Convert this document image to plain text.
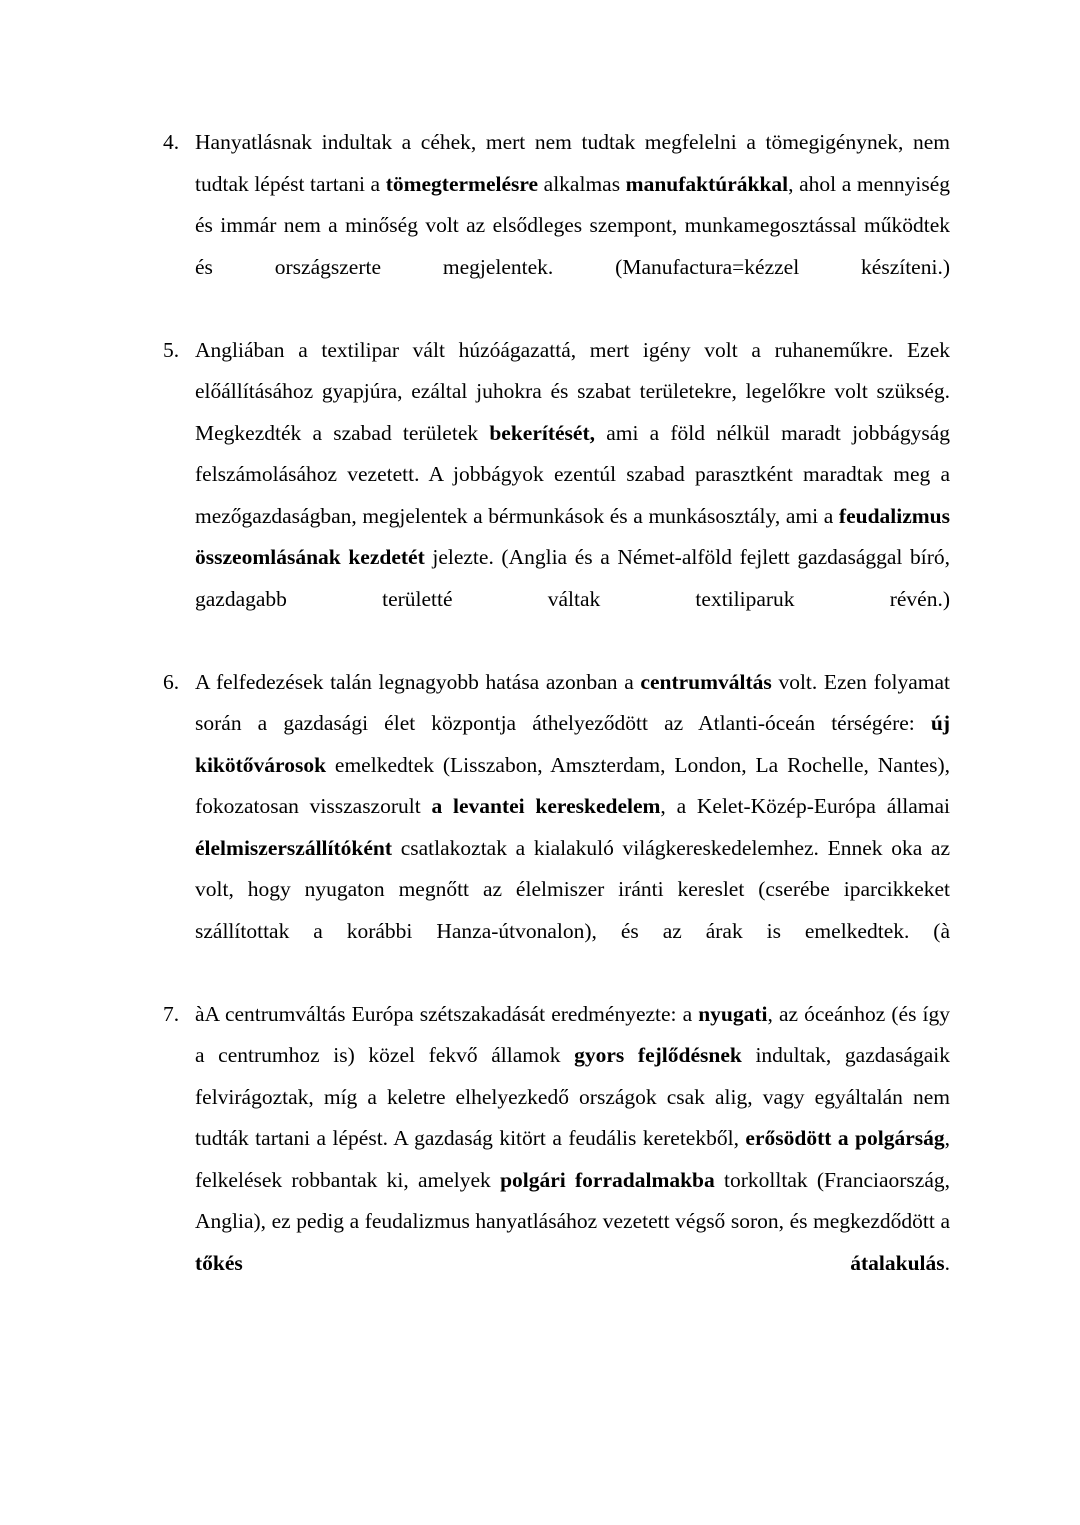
4. Hanyatlásnak indultak a céhek, mert nem tudtak megfelelni a tömegigénynek, nem tudtak lépést tartani a tömegtermelésre alkalmas manufaktúrákkal, ahol a mennyiség és immár nem a minőség volt az elsődleges szempont, munkamegosztással működtek és országszerte megjelentek. (Manufactura=kézzel készíteni.)
5. Angliában a textilipar vált húzóágazattá, mert igény volt a ruhaneműkre. Ezek előállításához gyapjúra, ezáltal juhokra és szabat területekre, legelőkre volt szükség. Megkezdték a szabad területek bekerítését, ami a föld nélkül maradt jobbágyság felszámolásához vezetett. A jobbágyok ezentúl szabad parasztként maradtak meg a mezőgazdaságban, megjelentek a bérmunkások és a munkásosztály, ami a feudalizmus összeomlásának kezdetét jelezte. (Anglia és a Német-alföld fejlett gazdasággal bíró, gazdagabb területté váltak textiliparuk révén.)
6. A felfedezések talán legnagyobb hatása azonban a centrumváltás volt. Ezen folyamat során a gazdasági élet központja áthelyeződött az Atlanti-óceán térségére: új kikötővárosok emelkedtek (Lisszabon, Amszterdam, London, La Rochelle, Nantes), fokozatosan visszaszorult a levantei kereskedelem, a Kelet-Közép-Európa államai élelmiszerszállítóként csatlakoztak a kialakuló világkereskedelemhez. Ennek oka az volt, hogy nyugaton megnőtt az élelmiszer iránti kereslet (cserébe iparcikkeket szállítottak a korábbi Hanza-útvonalon), és az árak is emelkedtek. (à
7. àA centrumváltás Európa szétszakadását eredményezte: a nyugati, az óceánhoz (és így a centrumhoz is) közel fekvő államok gyors fejlődésnek indultak, gazdaságaik felvirágoztak, míg a keletre elhelyezkedő országok csak alig, vagy egyáltalán nem tudták tartani a lépést. A gazdaság kitört a feudális keretekből, erősödött a polgárság, felkelések robbantak ki, amelyek polgári forradalmakba torkolltak (Franciaország, Anglia), ez pedig a feudalizmus hanyatlásához vezetett végső soron, és megkezdődött a tőkés átalakulás.
